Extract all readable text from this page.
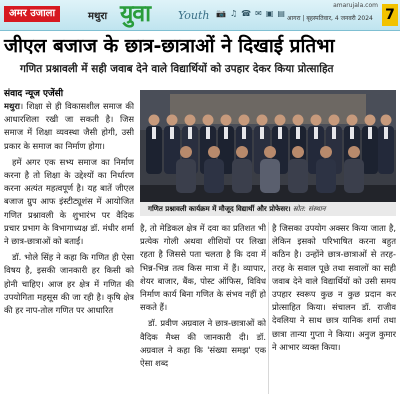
अमर उजाला	मथुरा युवा	Youth 📷 ♫ ☎ ✉ ▣ ▤
amarujala.com
आगरा | बृहस्पतिवार, 4 जनवरी 2024 7
जीएल बजाज के छात्र-छात्राओं ने दिखाई प्रतिभा
गणित प्रश्नावली में सही जवाब देने वाले विद्यार्थियों को उपहार देकर किया प्रोत्साहित
संवाद न्यूज एजेंसी

मथुरा। शिक्षा से ही विकासशील समाज की आधारशिला रखी जा सकती है। जिस समाज में शिक्षा व्यवस्था जैसी होगी, उसी प्रकार के समाज का निर्माण होगा।

हमें अगर एक सभ्य समाज का निर्माण करना है तो शिक्षा के उद्देश्यों का निर्धारण करना अत्यंत महत्वपूर्ण है। यह बातें जीएल बजाज ग्रुप आफ इंस्टीट्यूशंस में आयोजित गणित प्रश्नावली के शुभारंभ पर वैदिक प्रचार प्रभाग के विभागाध्यक्ष डॉ. मंधीर शर्मा ने छात्र-छात्राओं को बताईं।

डॉ. भोले सिंह ने कहा कि गणित ही ऐसा विषय है, इसकी जानकारी हर किसी को होनी चाहिए। आज हर क्षेत्र में गणित की उपयोगिता महसूस की जा रही है। कृषि क्षेत्र की हर नाप-तोल गणित पर आधारित

गणित प्रश्नावली कार्यक्रम में मौजूद विद्यार्थी और प्रोफेसर। स्रोत: संस्थान

है, तो मेडिकल क्षेत्र में दवा का प्रतिशत भी प्रत्येक गोली अथवा शीशियों पर लिखा रहता है जिससे पता चलता है कि दवा में भिन्न-भिन्न तत्व किस मात्रा में हैं। व्यापार, शेयर बाजार, बैंक, पोस्ट ऑफिस, विविध निर्माण कार्य बिना गणित के संभव नहीं हो सकते हैं।

डॉ. प्रवीण अग्रवाल ने छात्र-छात्राओं को वैदिक मैथ्स की जानकारी दी। डॉ. अग्रवाल ने कहा कि 'संख्या समझ' एक ऐसा शब्द

है जिसका उपयोग अक्सर किया जाता है, लेकिन इसको परिभाषित करना बहुत कठिन है। उन्होंने छात्र-छात्राओं से तरह-तरह के सवाल पूछे तथा सवालों का सही जवाब देने वाले विद्यार्थियों को उसी समय उपहार स्वरूप कुछ न कुछ प्रदान कर प्रोत्साहित किया। संचालन डॉ. राजीव देवलिया ने साथ छात्र यानिक शर्मा तथा छात्रा तान्या गुप्ता ने किया। अनुज कुमार ने आभार व्यक्त किया।
